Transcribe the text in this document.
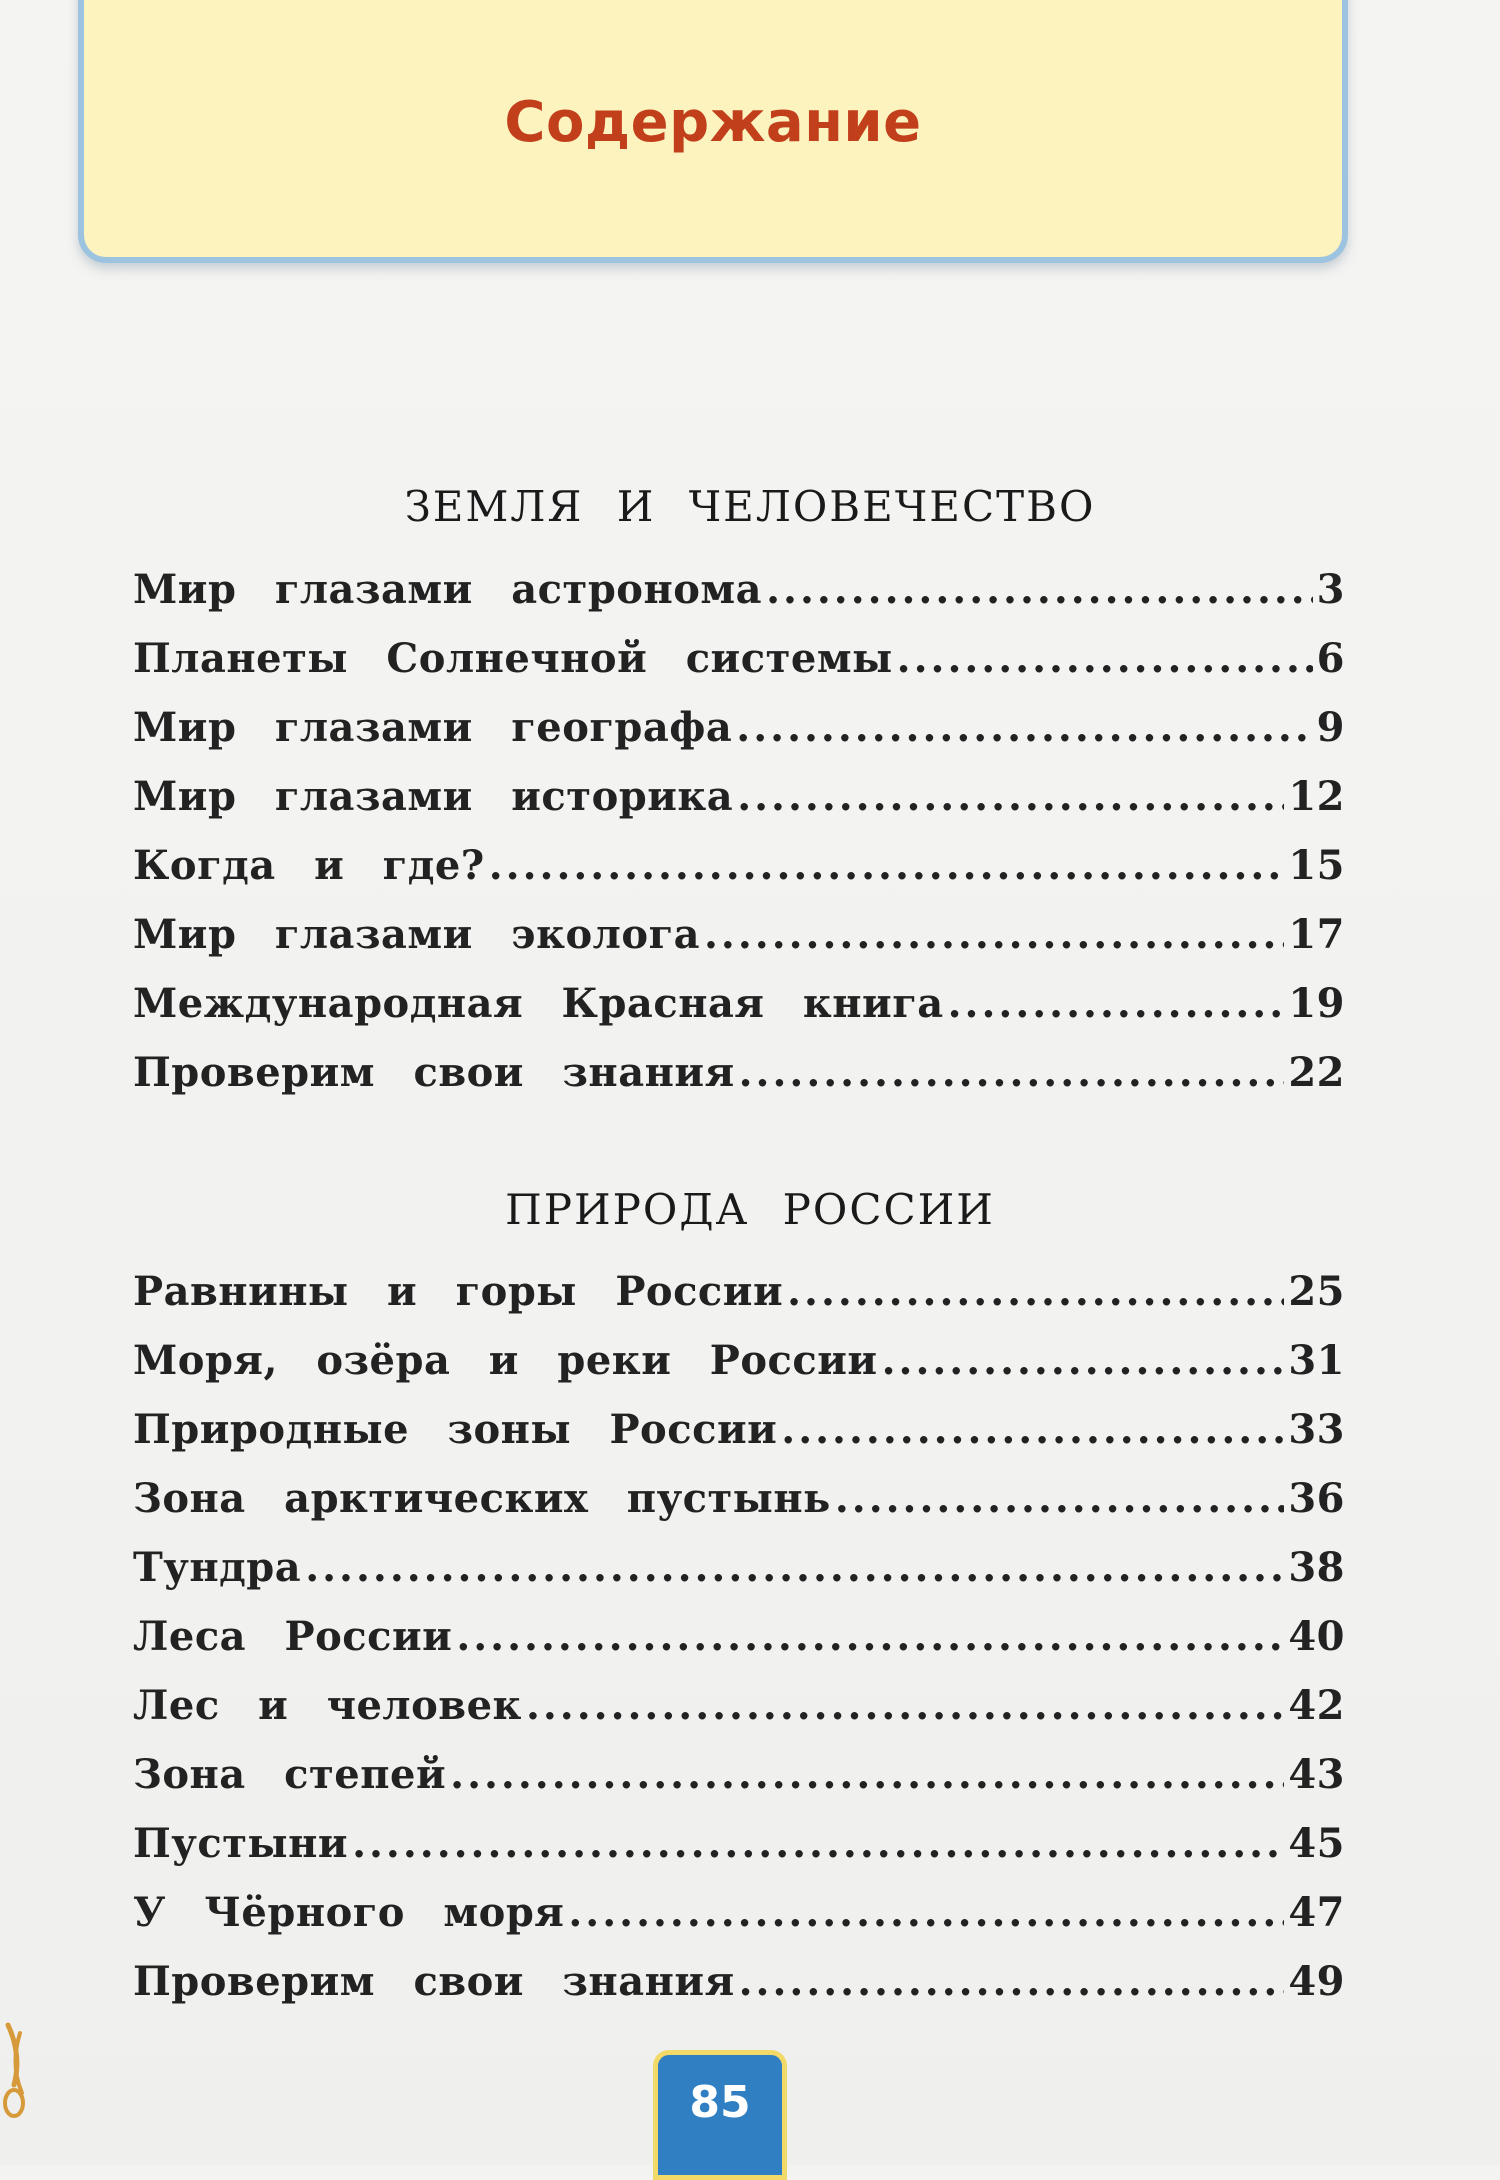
Содержание
ЗЕМЛЯ И ЧЕЛОВЕЧЕСТВО
Мир глазами астронома .....	3
Планеты Солнечной системы .....	6
Мир глазами географа .....	9
Мир глазами историка .....	12
Когда и где? .....	15
Мир глазами эколога .....	17
Международная Красная книга .....	19
Проверим свои знания .....	22
ПРИРОДА РОССИИ
Равнины и горы России .....	25
Моря, озёра и реки России .....	31
Природные зоны России .....	33
Зона арктических пустынь .....	36
Тундра .....	38
Леса России .....	40
Лес и человек .....	42
Зона степей .....	43
Пустыни .....	45
У Чёрного моря .....	47
Проверим свои знания .....	49
85
